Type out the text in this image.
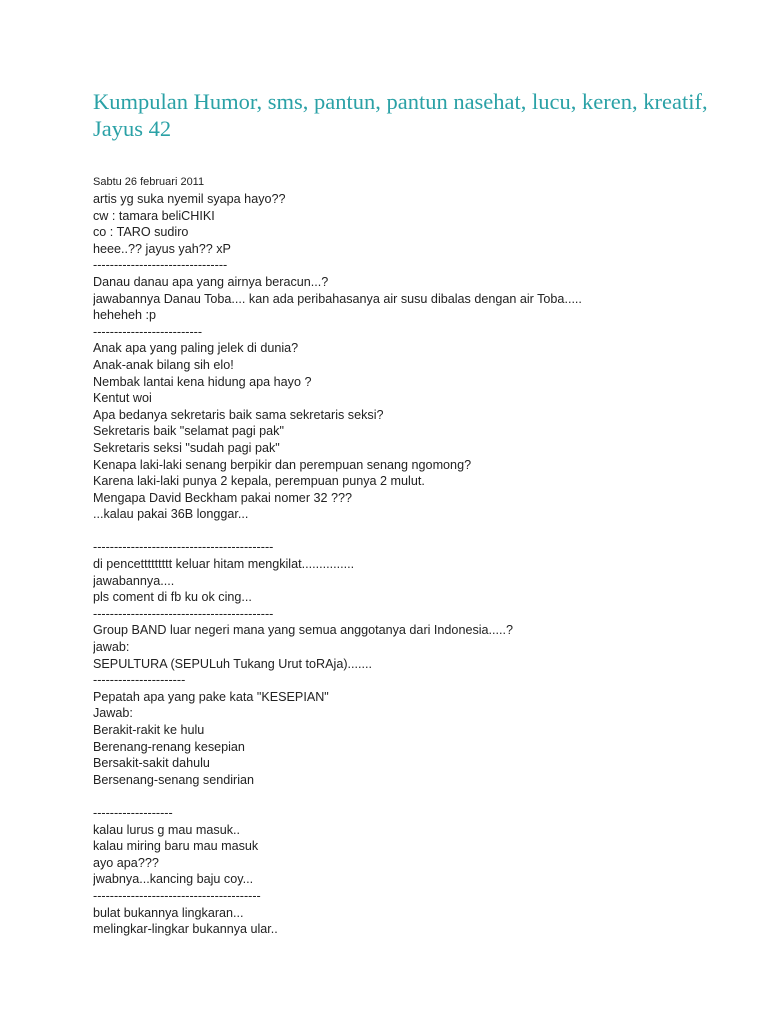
Kumpulan Humor, sms, pantun, pantun nasehat, lucu, keren, kreatif, Jayus 42
Sabtu 26 februari 2011
artis yg suka nyemil syapa hayo??
cw : tamara beliCHIKI
co : TARO sudiro
heee..?? jayus yah?? xP
--------------------------------
Danau danau apa yang airnya beracun...?
jawabannya Danau Toba.... kan ada peribahasanya air susu dibalas dengan air Toba.....
heheheh :p
--------------------------
Anak apa yang paling jelek di dunia?
Anak-anak bilang sih elo!
Nembak lantai kena hidung apa hayo ?
Kentut woi
Apa bedanya sekretaris baik sama sekretaris seksi?
Sekretaris baik "selamat pagi pak"
Sekretaris seksi "sudah pagi pak"
Kenapa laki-laki senang berpikir dan perempuan senang ngomong?
Karena laki-laki punya 2 kepala, perempuan punya 2 mulut.
Mengapa David Beckham pakai nomer 32 ???
...kalau pakai 36B longgar...
-------------------------------------------
di pencettttttttt keluar hitam mengkilat...............
jawabannya....
pls coment di fb ku ok cing...
-------------------------------------------
Group BAND luar negeri mana yang semua anggotanya dari Indonesia.....?
jawab:
SEPULTURA (SEPULuh Tukang Urut toRAja).......
----------------------
Pepatah apa yang pake kata "KESEPIAN"
Jawab:
Berakit-rakit ke hulu
Berenang-renang kesepian
Bersakit-sakit dahulu
Bersenang-senang sendirian
-------------------
kalau lurus g mau masuk..
kalau miring baru mau masuk
ayo apa???
jwabnya...kancing baju coy...
----------------------------------------
bulat bukannya lingkaran...
melingkar-lingkar bukannya ular..
